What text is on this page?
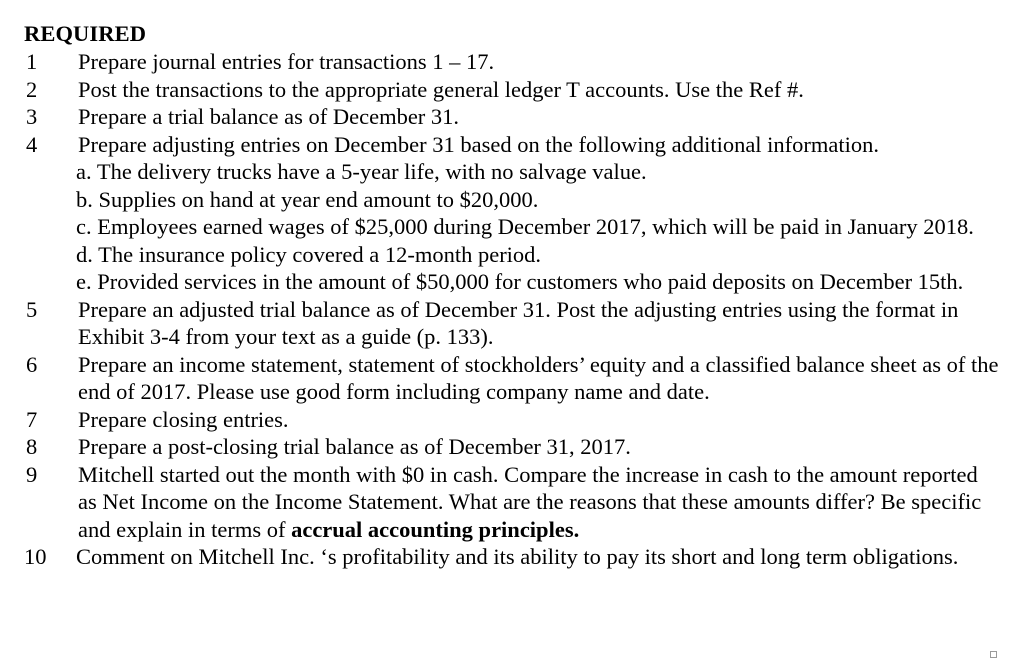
REQUIRED
1	Prepare journal entries for transactions 1 – 17.
2	Post the transactions to the appropriate general ledger T accounts. Use the Ref #.
3	Prepare a trial balance as of December 31.
4	Prepare adjusting entries on December 31 based on the following additional information.
a. The delivery trucks have a 5-year life, with no salvage value.
b. Supplies on hand at year end amount to $20,000.
c. Employees earned wages of $25,000 during December 2017, which will be paid in January 2018.
d. The insurance policy covered a 12-month period.
e. Provided services in the amount of $50,000 for customers who paid deposits on December 15th.
5	Prepare an adjusted trial balance as of December 31. Post the adjusting entries using the format in Exhibit 3-4 from your text as a guide (p. 133).
6	Prepare an income statement, statement of stockholders’ equity and a classified balance sheet as of the end of 2017. Please use good form including company name and date.
7	Prepare closing entries.
8	Prepare a post-closing trial balance as of December 31, 2017.
9	Mitchell started out the month with $0 in cash. Compare the increase in cash to the amount reported as Net Income on the Income Statement. What are the reasons that these amounts differ? Be specific and explain in terms of accrual accounting principles.
10	Comment on Mitchell Inc. ‘s profitability and its ability to pay its short and long term obligations.
